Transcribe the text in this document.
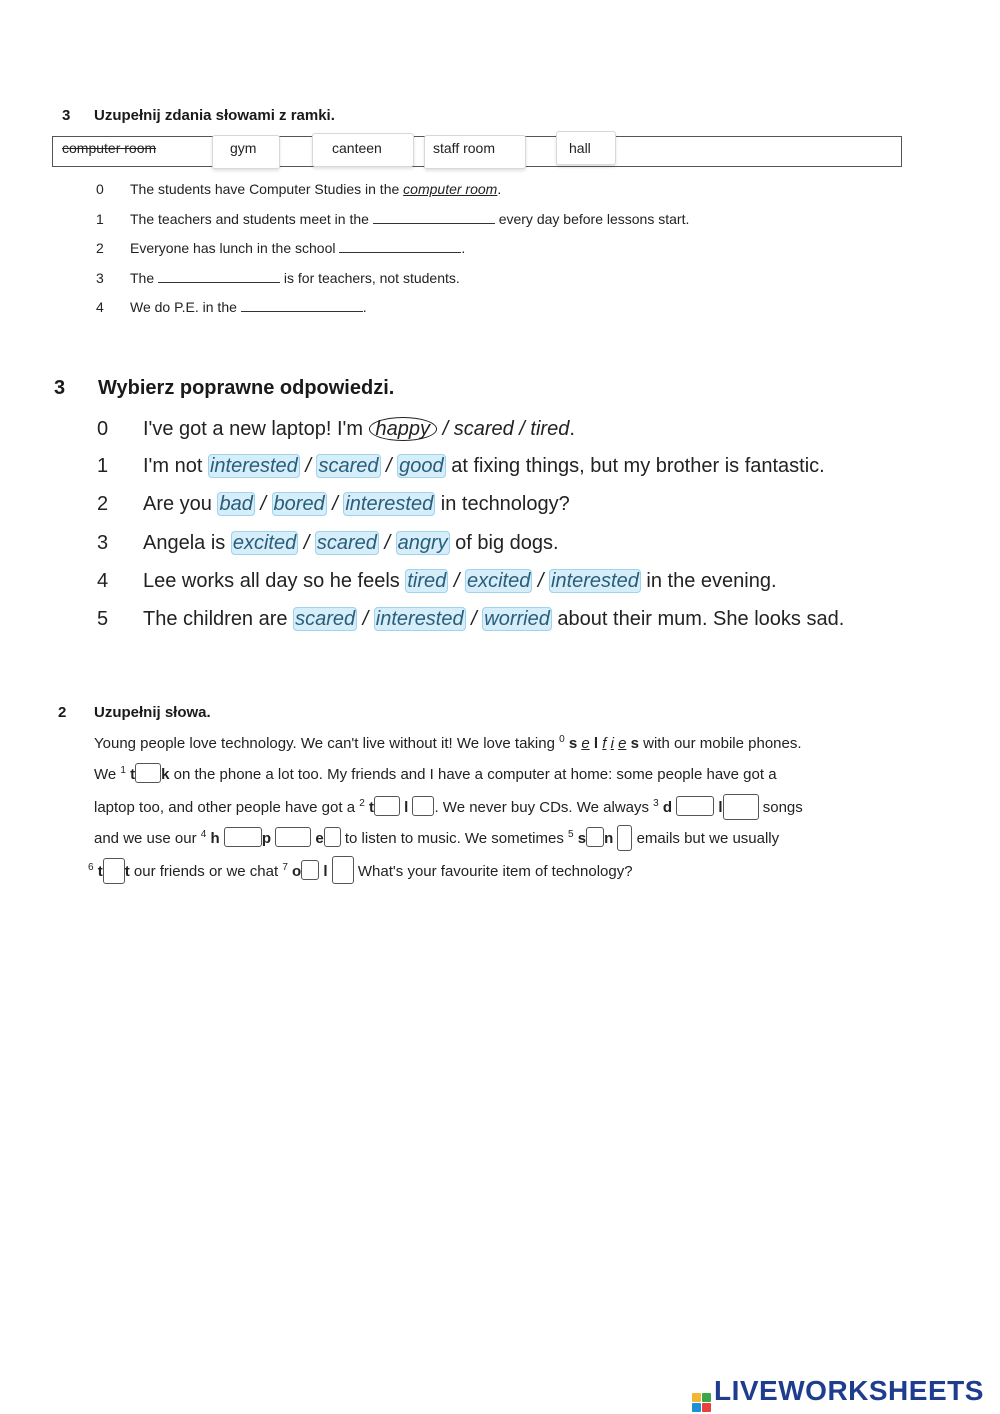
3 Uzupełnij zdania słowami z ramki.
computer room	gym	canteen	staff room	hall
0 The students have Computer Studies in the computer room.
1 The teachers and students meet in the	every day before lessons start.
2 Everyone has lunch in the school	.
3 The	is for teachers, not students.
4 We do P.E. in the	.
3 Wybierz poprawne odpowiedzi.
0 I've got a new laptop! I'm happy / scared / tired.
1 I'm not interested / scared / good at fixing things, but my brother is fantastic.
2 Are you bad / bored / interested in technology?
3 Angela is excited / scared / angry of big dogs.
4 Lee works all day so he feels tired / excited / interested in the evening.
5 The children are scared / interested / worried about their mum. She looks sad.
2 Uzupełnij słowa.
Young people love technology. We can't live without it! We love taking $^0$ s e l f i e s with our mobile phones.
We $^1$ t k on the phone a lot too. My friends and I have a computer at home: some people have got a
laptop too, and other people have got a $^2$ t l . We never buy CDs. We always $^3$ d	l songs
and we use our $^4$ h	p	e to listen to music. We sometimes $^5$ s n  emails but we usually
$^6$ t t our friends or we chat $^7$ o l  What's your favourite item of technology?
LIVEWORKSHEETS
